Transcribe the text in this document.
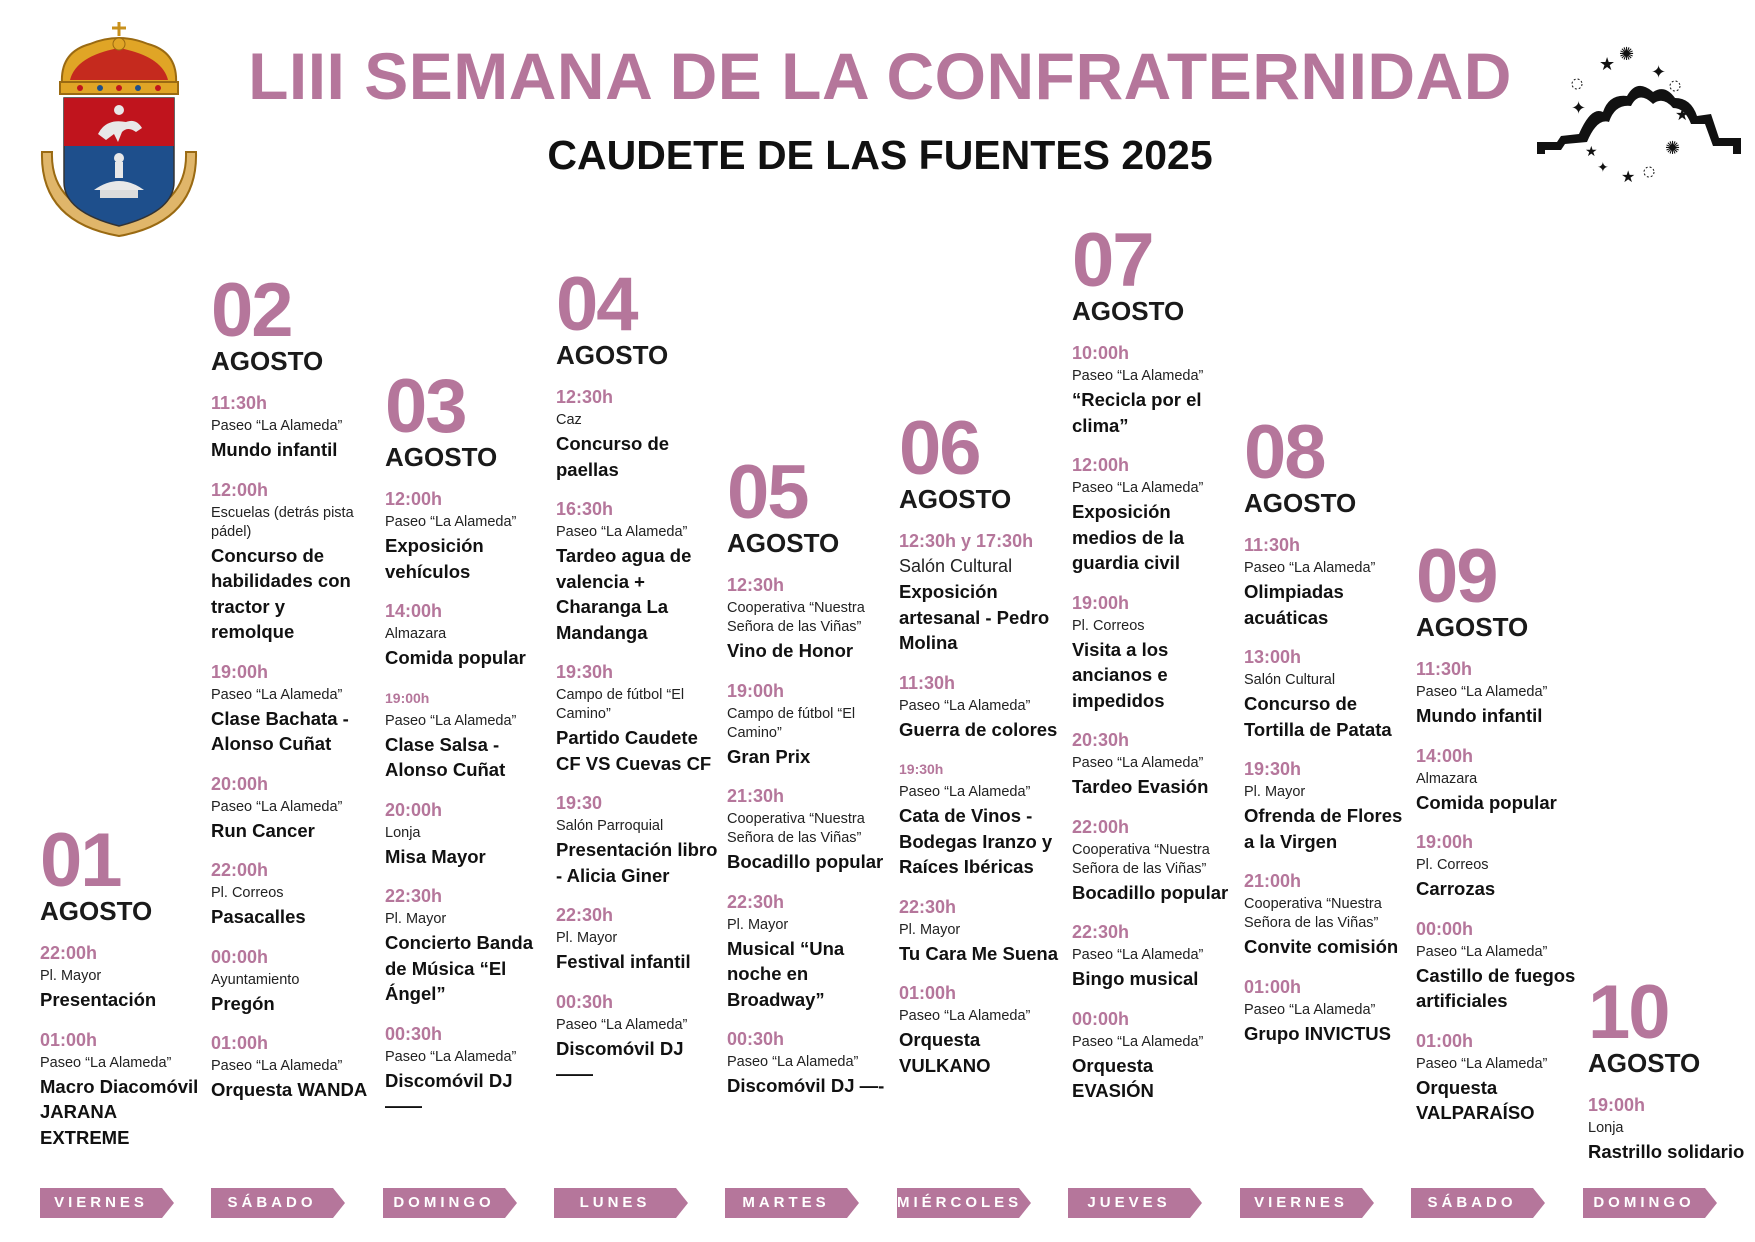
LIII SEMANA DE LA CONFRATERNIDAD
CAUDETE DE LAS FUENTES 2025
★
★
★
★
✦
✦
✦
✺
✺
01
AGOSTO
22:00h
Pl. Mayor
Presentación
01:00h
Paseo “La Alameda”
Macro Diacomóvil JARANA EXTREME
02
AGOSTO
11:30h
Paseo “La Alameda”
Mundo infantil
12:00h
Escuelas (detrás pista pádel)
Concurso de habilidades con tractor y remolque
19:00h
Paseo “La Alameda”
Clase Bachata - Alonso Cuñat
20:00h
Paseo “La Alameda”
Run Cancer
22:00h
Pl. Correos
Pasacalles
00:00h
Ayuntamiento
Pregón
01:00h
Paseo “La Alameda”
Orquesta WANDA
03
AGOSTO
12:00h
Paseo “La Alameda”
Exposición vehículos
14:00h
Almazara
Comida popular
19:00h
Paseo “La Alameda”
Clase Salsa - Alonso Cuñat
20:00h
Lonja
Misa Mayor
22:30h
Pl. Mayor
Concierto Banda de Música “El Ángel”
00:30h
Paseo “La Alameda”
Discomóvil DJ ——
04
AGOSTO
12:30h
Caz
Concurso de paellas
16:30h
Paseo “La Alameda”
Tardeo agua de valencia + Charanga La Mandanga
19:30h
Campo de fútbol “El Camino”
Partido Caudete CF VS Cuevas CF
19:30
Salón Parroquial
Presentación libro - Alicia Giner
22:30h
Pl. Mayor
Festival infantil
00:30h
Paseo “La Alameda”
Discomóvil DJ ——
05
AGOSTO
12:30h
Cooperativa “Nuestra Señora de las Viñas”
Vino de Honor
19:00h
Campo de fútbol “El Camino”
Gran Prix
21:30h
Cooperativa “Nuestra Señora de las Viñas”
Bocadillo popular
22:30h
Pl. Mayor
Musical “Una noche en Broadway”
00:30h
Paseo “La Alameda”
Discomóvil DJ —-
06
AGOSTO
12:30h y 17:30h
Salón Cultural
Exposición artesanal - Pedro Molina
11:30h
Paseo “La Alameda”
Guerra de colores
19:30h
Paseo “La Alameda”
Cata de Vinos - Bodegas Iranzo y Raíces Ibéricas
22:30h
Pl. Mayor
Tu Cara Me Suena
01:00h
Paseo “La Alameda”
Orquesta VULKANO
07
AGOSTO
10:00h
Paseo “La Alameda”
“Recicla por el clima”
12:00h
Paseo “La Alameda”
Exposición medios de la guardia civil
19:00h
Pl. Correos
Visita a los ancianos e impedidos
20:30h
Paseo “La Alameda”
Tardeo Evasión
22:00h
Cooperativa “Nuestra Señora de las Viñas”
Bocadillo popular
22:30h
Paseo “La Alameda”
Bingo musical
00:00h
Paseo “La Alameda”
Orquesta EVASIÓN
08
AGOSTO
11:30h
Paseo “La Alameda”
Olimpiadas acuáticas
13:00h
Salón Cultural
Concurso de Tortilla de Patata
19:30h
Pl. Mayor
Ofrenda de Flores a la Virgen
21:00h
Cooperativa “Nuestra Señora de las Viñas”
Convite comisión
01:00h
Paseo “La Alameda”
Grupo INVICTUS
09
AGOSTO
11:30h
Paseo “La Alameda”
Mundo infantil
14:00h
Almazara
Comida popular
19:00h
Pl. Correos
Carrozas
00:00h
Paseo “La Alameda”
Castillo de fuegos artificiales
01:00h
Paseo “La Alameda”
Orquesta VALPARAÍSO
10
AGOSTO
19:00h
Lonja
Rastrillo solidario
VIERNES	SÁBADO	DOMINGO	LUNES	MARTES	MIÉRCOLES	JUEVES	VIERNES	SÁBADO	DOMINGO
